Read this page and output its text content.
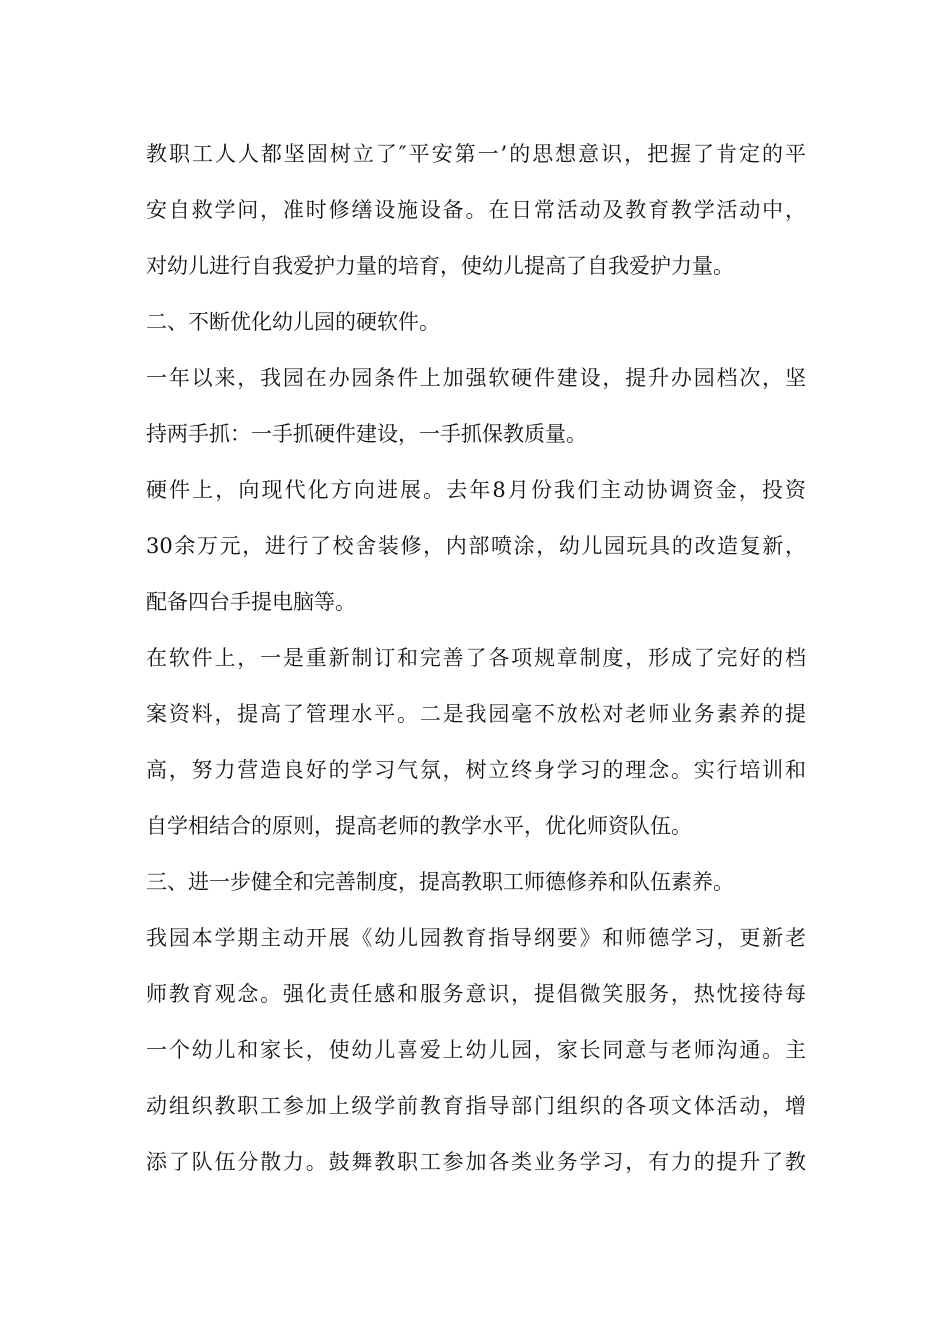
教职工人人都坚固树立了″平安第一’的思想意识，把握了肯定的平
安自救学问，准时修缮设施设备。在日常活动及教育教学活动中，
对幼儿进行自我爱护力量的培育，使幼儿提高了自我爱护力量。
二、不断优化幼儿园的硬软件。
一年以来，我园在办园条件上加强软硬件建设，提升办园档次，坚
持两手抓：一手抓硬件建设，一手抓保教质量。
硬件上，向现代化方向进展。去年8月份我们主动协调资金，投资
30余万元，进行了校舍装修，内部喷涂，幼儿园玩具的改造复新，
配备四台手提电脑等。
在软件上，一是重新制订和完善了各项规章制度，形成了完好的档
案资料，提高了管理水平。二是我园毫不放松对老师业务素养的提
高，努力营造良好的学习气氛，树立终身学习的理念。实行培训和
自学相结合的原则，提高老师的教学水平，优化师资队伍。
三、进一步健全和完善制度，提高教职工师德修养和队伍素养。
我园本学期主动开展《幼儿园教育指导纲要》和师德学习，更新老
师教育观念。强化责任感和服务意识，提倡微笑服务，热忱接待每
一个幼儿和家长，使幼儿喜爱上幼儿园，家长同意与老师沟通。主
动组织教职工参加上级学前教育指导部门组织的各项文体活动，增
添了队伍分散力。鼓舞教职工参加各类业务学习，有力的提升了教
